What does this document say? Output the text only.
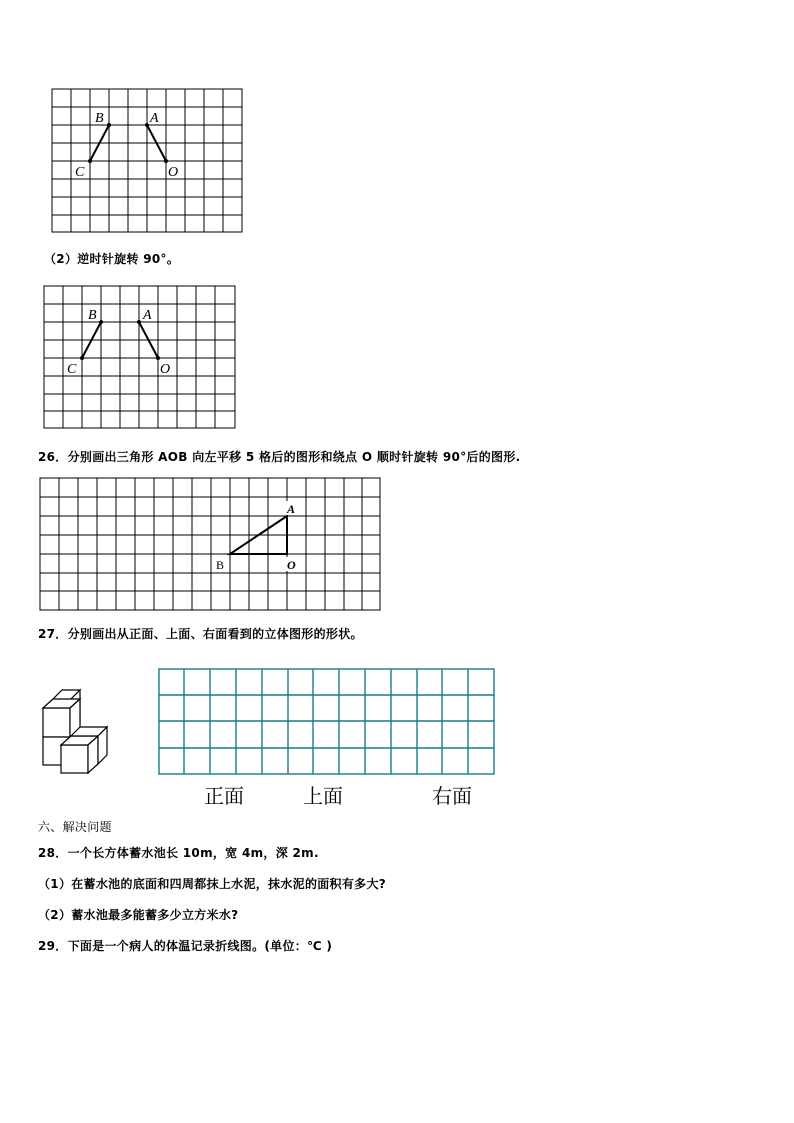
B	A
C	O
（2）逆时针旋转 90°。
B	A
C	O
26．分别画出三角形 AOB 向左平移 5 格后的图形和绕点 O 顺时针旋转 90°后的图形.
A
B	O
27．分别画出从正面、上面、右面看到的立体图形的形状。
正面	上面	右面
六、解决问题
28．一个长方体蓄水池长 10m，宽 4m，深 2m.
（1）在蓄水池的底面和四周都抹上水泥，抹水泥的面积有多大?
（2）蓄水池最多能蓄多少立方米水?
29．下面是一个病人的体温记录折线图。(单位：℃ )
